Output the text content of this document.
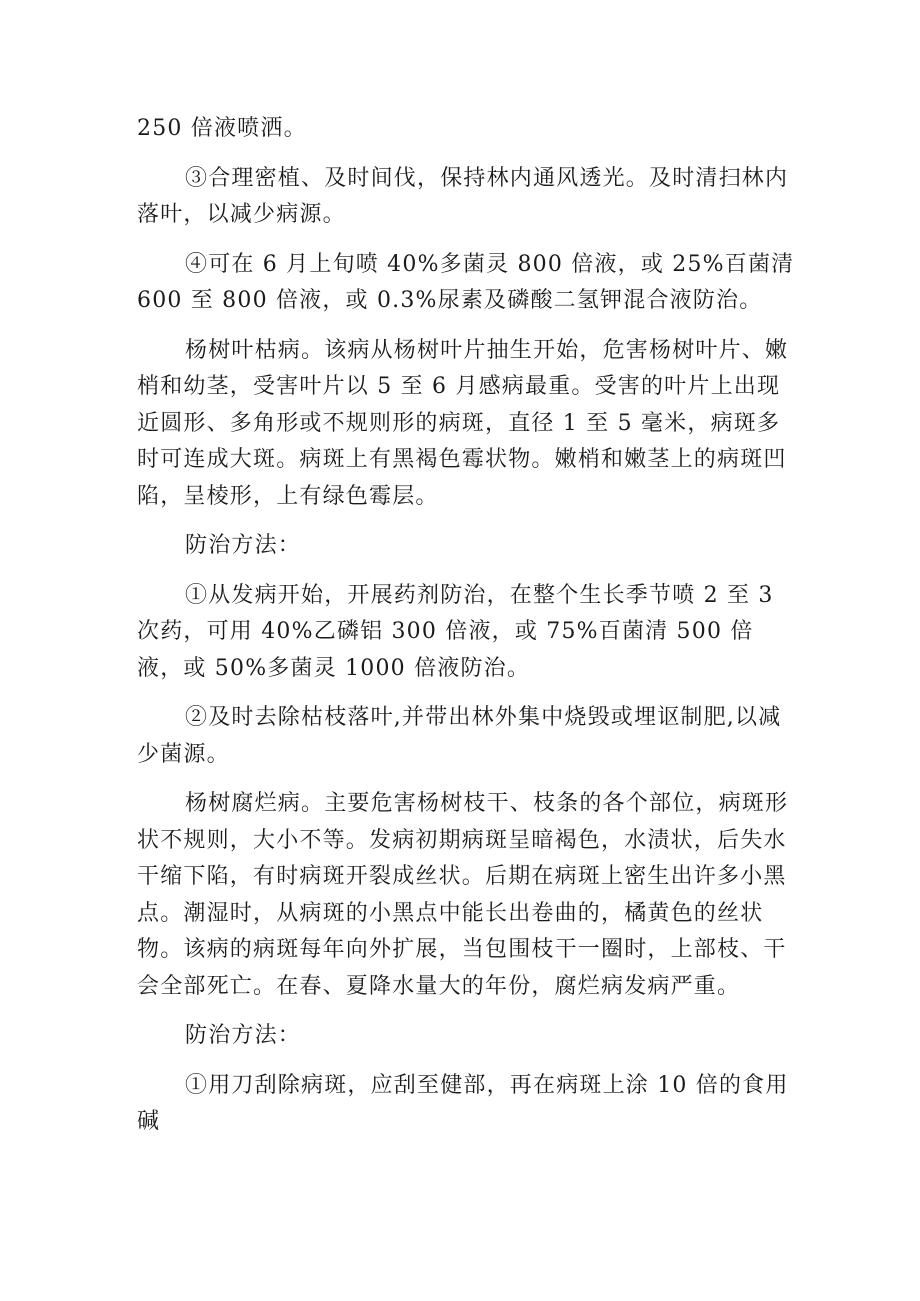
250 倍液喷洒。

③合理密植、及时间伐，保持林内通风透光。及时清扫林内落叶，以减少病源。

④可在 6 月上旬喷 40%多菌灵 800 倍液，或 25%百菌清 600 至 800 倍液，或 0.3%尿素及磷酸二氢钾混合液防治。

杨树叶枯病。该病从杨树叶片抽生开始，危害杨树叶片、嫩梢和幼茎，受害叶片以 5 至 6 月感病最重。受害的叶片上出现近圆形、多角形或不规则形的病斑，直径 1 至 5 毫米，病斑多时可连成大斑。病斑上有黑褐色霉状物。嫩梢和嫩茎上的病斑凹陷，呈棱形，上有绿色霉层。

防治方法：

①从发病开始，开展药剂防治，在整个生长季节喷 2 至 3 次药，可用 40%乙磷铝 300 倍液，或 75%百菌清 500 倍液，或 50%多菌灵 1000 倍液防治。

②及时去除枯枝落叶,并带出林外集中烧毁或埋讴制肥,以减少菌源。

杨树腐烂病。主要危害杨树枝干、枝条的各个部位，病斑形状不规则，大小不等。发病初期病斑呈暗褐色，水渍状，后失水干缩下陷，有时病斑开裂成丝状。后期在病斑上密生出许多小黑点。潮湿时，从病斑的小黑点中能长出卷曲的，橘黄色的丝状物。该病的病斑每年向外扩展，当包围枝干一圈时，上部枝、干会全部死亡。在春、夏降水量大的年份，腐烂病发病严重。

防治方法：

①用刀刮除病斑，应刮至健部，再在病斑上涂 10 倍的食用碱
